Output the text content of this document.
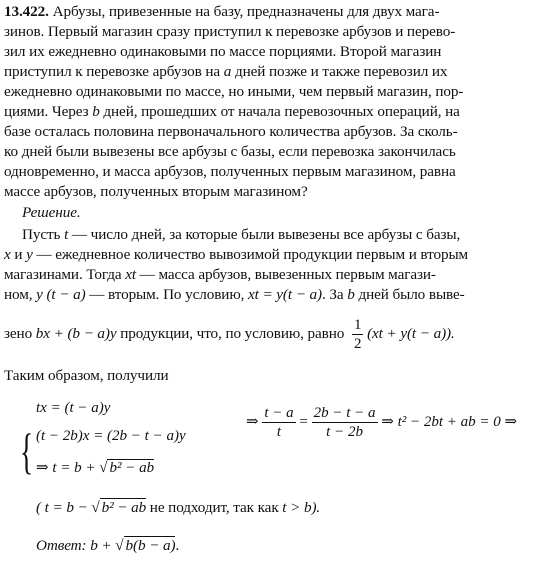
13.422. Арбузы, привезенные на базу, предназначены для двух мага-
зинов. Первый магазин сразу приступил к перевозке арбузов и перево-
зил их ежедневно одинаковыми по массе порциями. Второй магазин
приступил к перевозке арбузов на a дней позже и также перевозил их
ежедневно одинаковыми по массе, но иными, чем первый магазин, пор-
циями. Через b дней, прошедших от начала перевозочных операций, на
базе осталась половина первоначального количества арбузов. За сколь-
ко дней были вывезены все арбузы с базы, если перевозка закончилась
одновременно, и масса арбузов, полученных первым магазином, равна
массе арбузов, полученных вторым магазином?
Решение.
Пусть t — число дней, за которые были вывезены все арбузы с базы,
x и y — ежедневное количество вывозимой продукции первым и вторым
магазинами. Тогда xt — масса арбузов, вывезенных первым магази-
ном, y (t − a) — вторым. По условию, xt = y(t − a). За b дней было выве-
зено bx + (b − a)y продукции, что, по условию, равно $\frac{1}{2} (xt + y(t - a))$.
Таким образом, получили
{
tx = (t − a)y
(t − 2b)x = (2b − t − a)y
⇒ $\frac{t - a}{t} = \frac{2b - t - a}{t - 2b}$ ⇒ t² − 2bt + ab = 0 ⇒
⇒ t = b + √ b² − ab
( t = b − √ b² − ab не подходит, так как t > b).
Ответ: b + √ b(b − a).
